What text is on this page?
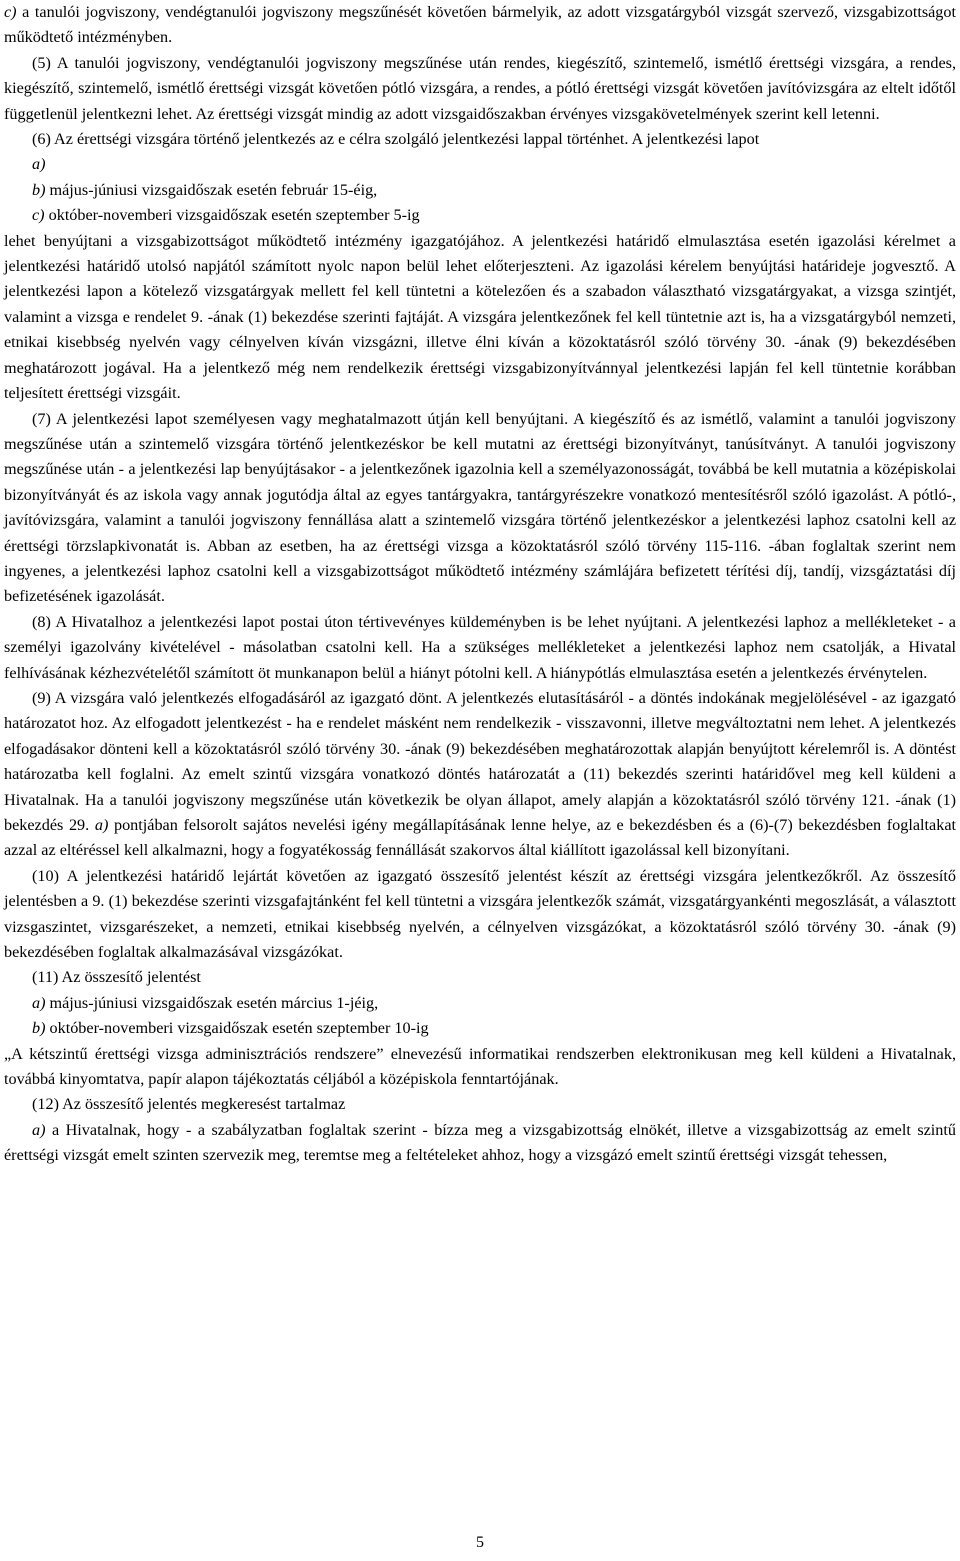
c) a tanulói jogviszony, vendégtanulói jogviszony megszűnését követően bármelyik, az adott vizsgatárgyból vizsgát szervező, vizsgabizottságot működtető intézményben.

(5) A tanulói jogviszony, vendégtanulói jogviszony megszűnése után rendes, kiegészítő, szintemelő, ismétlő érettségi vizsgára, a rendes, kiegészítő, szintemelő, ismétlő érettségi vizsgát követően pótló vizsgára, a rendes, a pótló érettségi vizsgát követően javítóvizsgára az eltelt időtől függetlenül jelentkezni lehet. Az érettségi vizsgát mindig az adott vizsgaidőszakban érvényes vizsgakövetelmények szerint kell letenni.

(6) Az érettségi vizsgára történő jelentkezés az e célra szolgáló jelentkezési lappal történhet. A jelentkezési lapot

a)

b) május-júniusi vizsgaidőszak esetén február 15-éig,

c) október-novemberi vizsgaidőszak esetén szeptember 5-ig

lehet benyújtani a vizsgabizottságot működtető intézmény igazgatójához. A jelentkezési határidő elmulasztása esetén igazolási kérelmet a jelentkezési határidő utolsó napjától számított nyolc napon belül lehet előterjeszteni. Az igazolási kérelem benyújtási határideje jogvesztő. A jelentkezési lapon a kötelező vizsgatárgyak mellett fel kell tüntetni a kötelezően és a szabadon választható vizsgatárgyakat, a vizsga szintjét, valamint a vizsga e rendelet 9. -ának (1) bekezdése szerinti fajtáját. A vizsgára jelentkezőnek fel kell tüntetnie azt is, ha a vizsgatárgyból nemzeti, etnikai kisebbség nyelvén vagy célnyelven kíván vizsgázni, illetve élni kíván a közoktatásról szóló törvény 30. -ának (9) bekezdésében meghatározott jogával. Ha a jelentkező még nem rendelkezik érettségi vizsgabizonyítvánnyal jelentkezési lapján fel kell tüntetnie korábban teljesített érettségi vizsgáit.

(7) A jelentkezési lapot személyesen vagy meghatalmazott útján kell benyújtani. A kiegészítő és az ismétlő, valamint a tanulói jogviszony megszűnése után a szintemelő vizsgára történő jelentkezéskor be kell mutatni az érettségi bizonyítványt, tanúsítványt. A tanulói jogviszony megszűnése után - a jelentkezési lap benyújtásakor - a jelentkezőnek igazolnia kell a személyazonosságát, továbbá be kell mutatnia a középiskolai bizonyítványát és az iskola vagy annak jogutódja által az egyes tantárgyakra, tantárgyrészekre vonatkozó mentesítésről szóló igazolást. A pótló-, javítóvizsgára, valamint a tanulói jogviszony fennállása alatt a szintemelő vizsgára történő jelentkezéskor a jelentkezési laphoz csatolni kell az érettségi törzslapkivonatát is. Abban az esetben, ha az érettségi vizsga a közoktatásról szóló törvény 115-116. -ában foglaltak szerint nem ingyenes, a jelentkezési laphoz csatolni kell a vizsgabizottságot működtető intézmény számlájára befizetett térítési díj, tandíj, vizsgáztatási díj befizetésének igazolását.

(8) A Hivatalhoz a jelentkezési lapot postai úton tértivevényes küldeményben is be lehet nyújtani. A jelentkezési laphoz a mellékleteket - a személyi igazolvány kivételével - másolatban csatolni kell. Ha a szükséges mellékleteket a jelentkezési laphoz nem csatolják, a Hivatal felhívásának kézhezvételétől számított öt munkanapon belül a hiányt pótolni kell. A hiánypótlás elmulasztása esetén a jelentkezés érvénytelen.

(9) A vizsgára való jelentkezés elfogadásáról az igazgató dönt. A jelentkezés elutasításáról - a döntés indokának megjelölésével - az igazgató határozatot hoz. Az elfogadott jelentkezést - ha e rendelet másként nem rendelkezik - visszavonni, illetve megváltoztatni nem lehet. A jelentkezés elfogadásakor dönteni kell a közoktatásról szóló törvény 30. -ának (9) bekezdésében meghatározottak alapján benyújtott kérelemről is. A döntést határozatba kell foglalni. Az emelt szintű vizsgára vonatkozó döntés határozatát a (11) bekezdés szerinti határidővel meg kell küldeni a Hivatalnak. Ha a tanulói jogviszony megszűnése után következik be olyan állapot, amely alapján a közoktatásról szóló törvény 121. -ának (1) bekezdés 29. a) pontjában felsorolt sajátos nevelési igény megállapításának lenne helye, az e bekezdésben és a (6)-(7) bekezdésben foglaltakat azzal az eltéréssel kell alkalmazni, hogy a fogyatékosság fennállását szakorvos által kiállított igazolással kell bizonyítani.

(10) A jelentkezési határidő lejártát követően az igazgató összesítő jelentést készít az érettségi vizsgára jelentkezőkről. Az összesítő jelentésben a 9. (1) bekezdése szerinti vizsgafajtánként fel kell tüntetni a vizsgára jelentkezők számát, vizsgatárgyankénti megoszlását, a választott vizsgaszintet, vizsgarészeket, a nemzeti, etnikai kisebbség nyelvén, a célnyelven vizsgázókat, a közoktatásról szóló törvény 30. -ának (9) bekezdésében foglaltak alkalmazásával vizsgázókat.

(11) Az összesítő jelentést

a) május-júniusi vizsgaidőszak esetén március 1-jéig,

b) október-novemberi vizsgaidőszak esetén szeptember 10-ig

„A kétszintű érettségi vizsga adminisztrációs rendszere” elnevezésű informatikai rendszerben elektronikusan meg kell küldeni a Hivatalnak, továbbá kinyomtatva, papír alapon tájékoztatás céljából a középiskola fenntartójának.

(12) Az összesítő jelentés megkeresést tartalmaz

a) a Hivatalnak, hogy - a szabályzatban foglaltak szerint - bízza meg a vizsgabizottság elnökét, illetve a vizsgabizottság az emelt szintű érettségi vizsgát emelt szinten szervezik meg, teremtse meg a feltételeket ahhoz, hogy a vizsgázó emelt szintű érettségi vizsgát tehessen,

5
